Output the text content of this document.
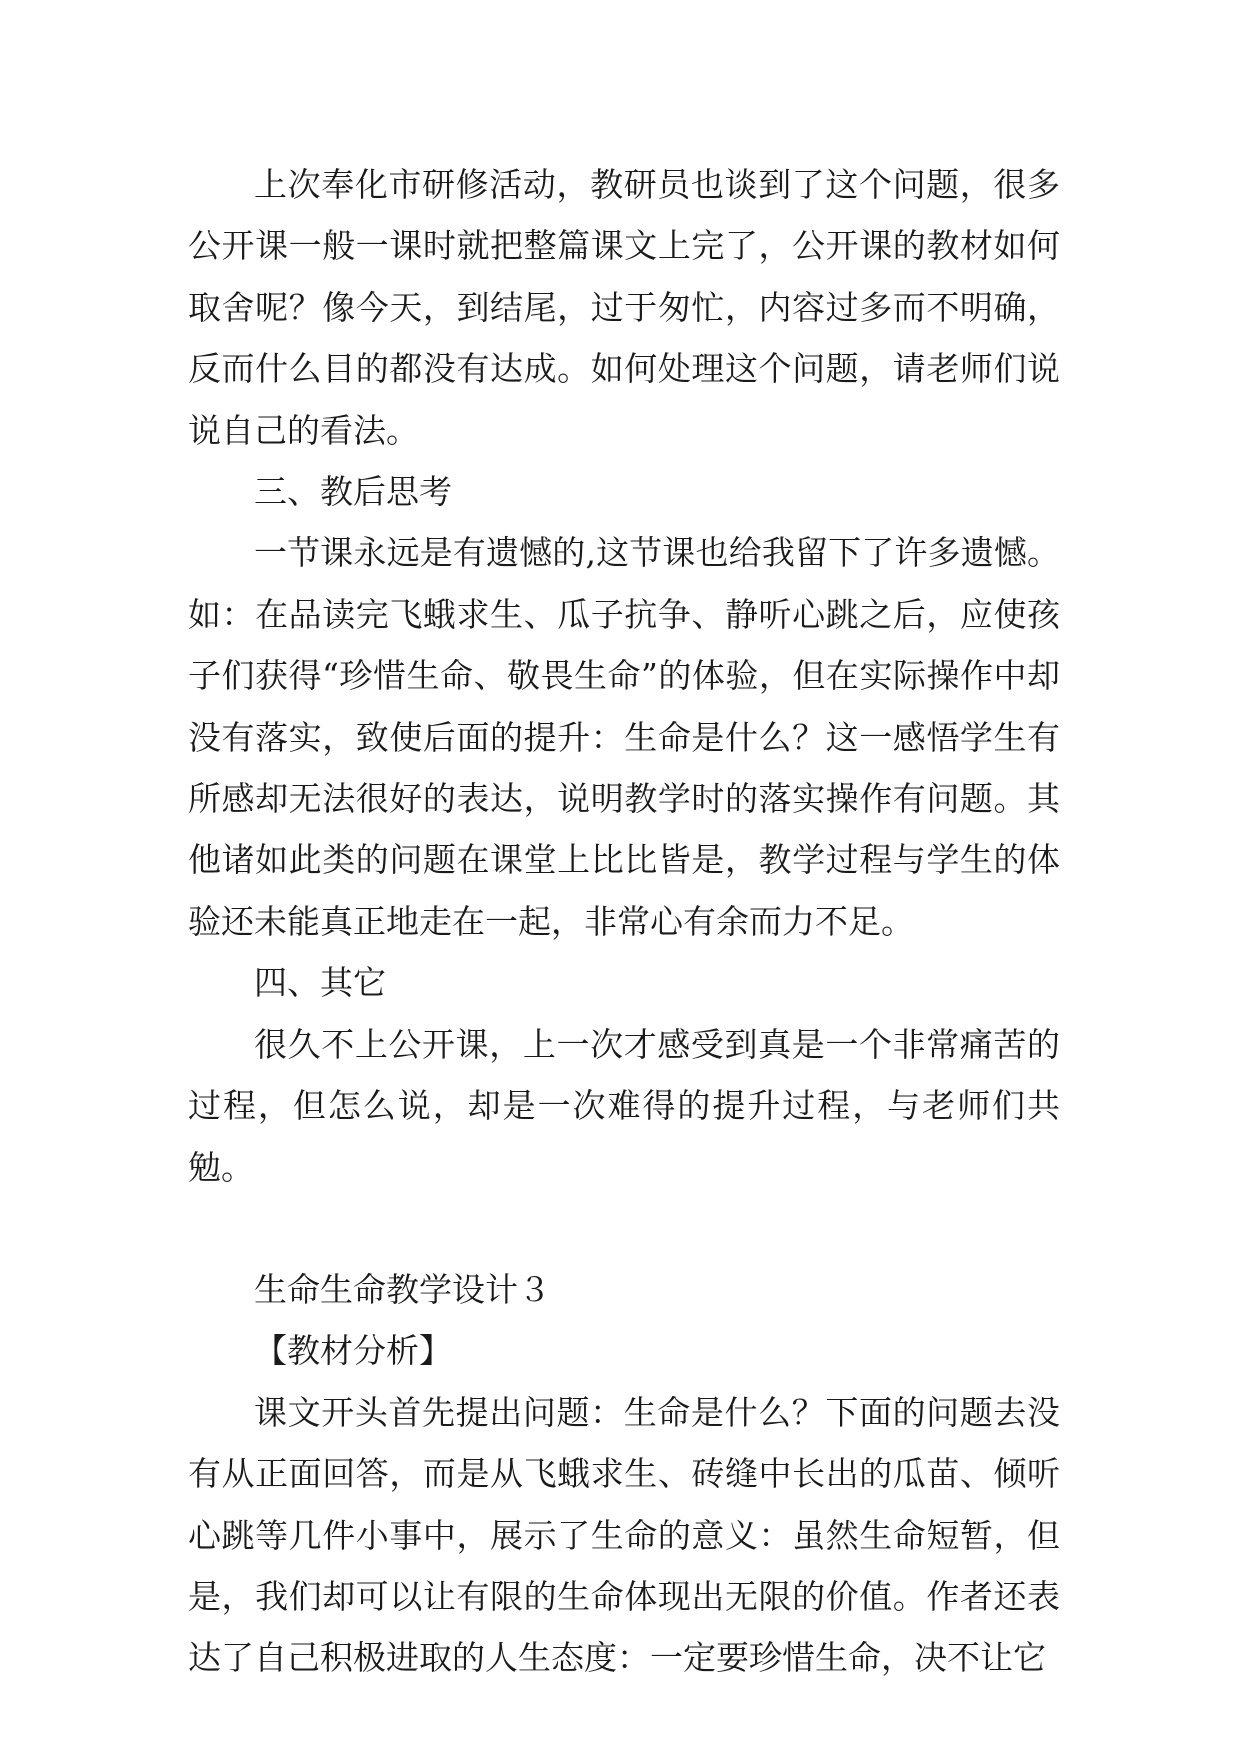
上次奉化市研修活动，教研员也谈到了这个问题，很多公开课一般一课时就把整篇课文上完了，公开课的教材如何取舍呢？像今天，到结尾，过于匆忙，内容过多而不明确，反而什么目的都没有达成。如何处理这个问题，请老师们说说自己的看法。

三、教后思考

一节课永远是有遗憾的,这节课也给我留下了许多遗憾。如：在品读完飞蛾求生、瓜子抗争、静听心跳之后，应使孩子们获得“珍惜生命、敬畏生命”的体验，但在实际操作中却没有落实，致使后面的提升：生命是什么？这一感悟学生有所感却无法很好的表达，说明教学时的落实操作有问题。其他诸如此类的问题在课堂上比比皆是，教学过程与学生的体验还未能真正地走在一起，非常心有余而力不足。

四、其它

很久不上公开课，上一次才感受到真是一个非常痛苦的过程，但怎么说，却是一次难得的提升过程，与老师们共勉。

生命生命教学设计３

【教材分析】

课文开头首先提出问题：生命是什么？下面的问题去没有从正面回答，而是从飞蛾求生、砖缝中长出的瓜苗、倾听心跳等几件小事中，展示了生命的意义：虽然生命短暂，但是，我们却可以让有限的生命体现出无限的价值。作者还表达了自己积极进取的人生态度：一定要珍惜生命，决不让它
